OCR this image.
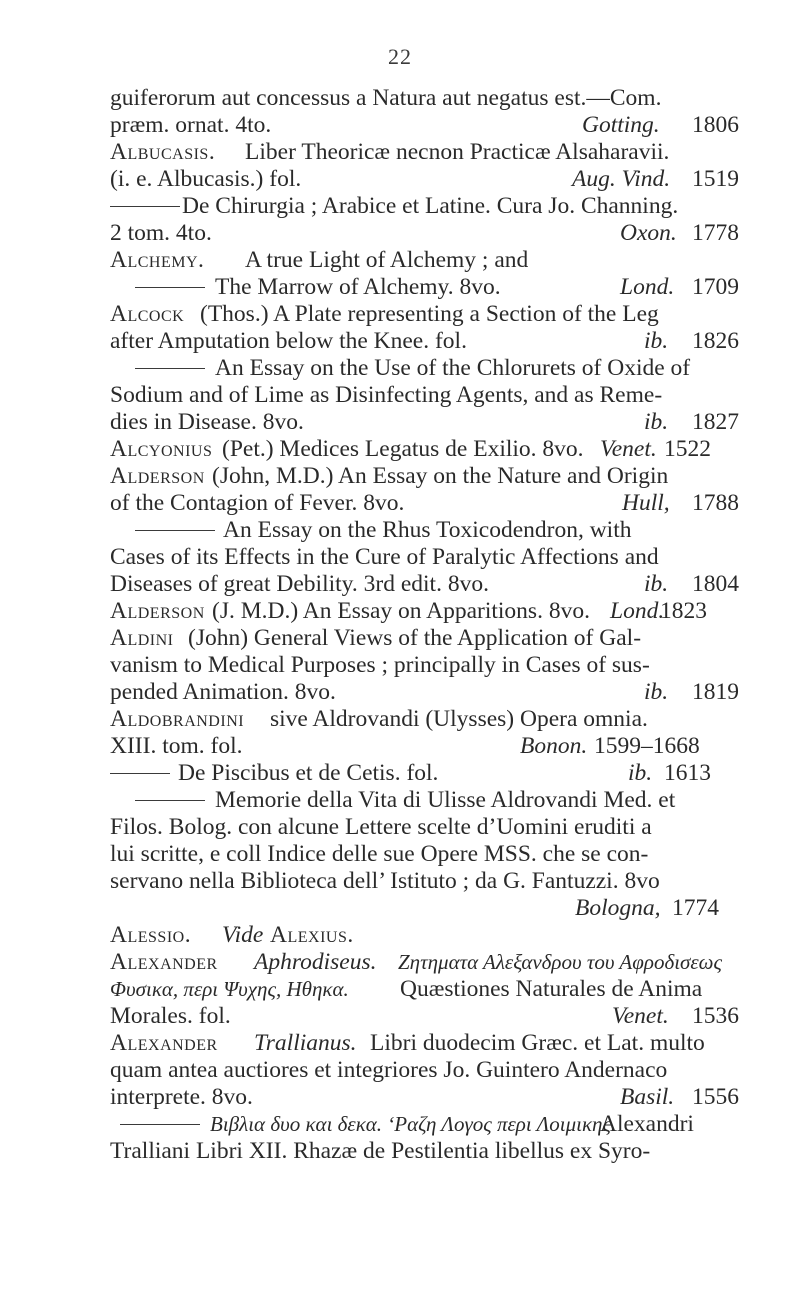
22
guiferorum aut concessus a Natura aut negatus est.—Com.
præm. ornat. 4to.	Gotting. 1806
Albucasis. Liber Theoricæ necnon Practicæ Alsaharavii.
(i. e. Albucasis.) fol.	Aug. Vind. 1519
De Chirurgia ; Arabice et Latine. Cura Jo. Channing.
2 tom. 4to.	Oxon. 1778
Alchemy. A true Light of Alchemy ; and
The Marrow of Alchemy. 8vo.	Lond. 1709
Alcock (Thos.) A Plate representing a Section of the Leg
after Amputation below the Knee. fol.	ib. 1826
An Essay on the Use of the Chlorurets of Oxide of
Sodium and of Lime as Disinfecting Agents, and as Reme-
dies in Disease. 8vo.	ib. 1827
Alcyonius (Pet.) Medices Legatus de Exilio. 8vo. Venet. 1522
Alderson (John, M.D.) An Essay on the Nature and Origin
of the Contagion of Fever. 8vo.	Hull, 1788
An Essay on the Rhus Toxicodendron, with
Cases of its Effects in the Cure of Paralytic Affections and
Diseases of great Debility. 3rd edit. 8vo.	ib. 1804
Alderson (J. M.D.) An Essay on Apparitions. 8vo. Lond.
1823
Aldini (John) General Views of the Application of Gal-
vanism to Medical Purposes ; principally in Cases of sus-
pended Animation. 8vo.	ib. 1819
Aldobrandini sive Aldrovandi (Ulysses) Opera omnia.
XIII. tom. fol.	Bonon. 1599–1668
De Piscibus et de Cetis. fol.	ib. 1613
Memorie della Vita di Ulisse Aldrovandi Med. et
Filos. Bolog. con alcune Lettere scelte d’Uomini eruditi a
lui scritte, e coll Indice delle sue Opere MSS. che se con-
servano nella Biblioteca dell’ Istituto ; da G. Fantuzzi. 8vo
Bologna, 1774
Alessio. Vide Alexius.
Alexander Aphrodiseus. Ζητηματα Αλεξανδρου του Αφροδισεως
Φυσικα, περι Ψυχης, Ηθηκα. Quæstiones Naturales de Anima
Morales. fol.	Venet. 1536
Alexander Trallianus. Libri duodecim Græc. et Lat. multo
quam antea auctiores et integriores Jo. Guintero Andernaco
interprete. 8vo.	Basil. 1556
Βιβλια δυο και δεκα. ‘Ραζη Λογος περι Λοιμικης.
Alexandri
Tralliani Libri XII. Rhazæ de Pestilentia libellus ex Syro-
